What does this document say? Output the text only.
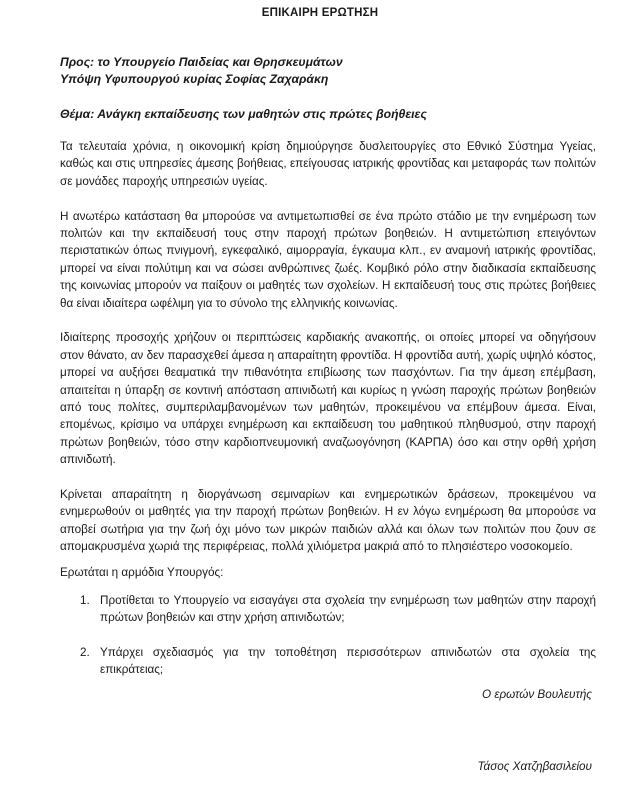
ΕΠΙΚΑΙΡΗ ΕΡΩΤΗΣΗ
Προς: το Υπουργείο Παιδείας και Θρησκευμάτων
Υπόψη Υφυπουργού κυρίας Σοφίας Ζαχαράκη
Θέμα: Ανάγκη εκπαίδευσης των μαθητών στις πρώτες βοήθειες

Τα τελευταία χρόνια, η οικονομική κρίση δημιούργησε δυσλειτουργίες στο Εθνικό Σύστημα Υγείας, καθώς και στις υπηρεσίες άμεσης βοήθειας, επείγουσας ιατρικής φροντίδας και μεταφοράς των πολιτών σε μονάδες παροχής υπηρεσιών υγείας.

Η ανωτέρω κατάσταση θα μπορούσε να αντιμετωπισθεί σε ένα πρώτο στάδιο με την ενημέρωση των πολιτών και την εκπαίδευσή τους στην παροχή πρώτων βοηθειών. Η αντιμετώπιση επειγόντων περιστατικών όπως πνιγμονή, εγκεφαλικό, αιμορραγία, έγκαυμα κλπ., εν αναμονή ιατρικής φροντίδας, μπορεί να είναι πολύτιμη και να σώσει ανθρώπινες ζωές. Κομβικό ρόλο στην διαδικασία εκπαίδευσης της κοινωνίας μπορούν να παίξουν οι μαθητές των σχολείων. Η εκπαίδευσή τους στις πρώτες βοήθειες θα είναι ιδιαίτερα ωφέλιμη για το σύνολο της ελληνικής κοινωνίας.

Ιδιαίτερης προσοχής χρήζουν οι περιπτώσεις καρδιακής ανακοπής, οι οποίες μπορεί να οδηγήσουν στον θάνατο, αν δεν παρασχεθεί άμεσα η απαραίτητη φροντίδα. Η φροντίδα αυτή, χωρίς υψηλό κόστος, μπορεί να αυξήσει θεαματικά την πιθανότητα επιβίωσης των πασχόντων. Για την άμεση επέμβαση, απαιτείται η ύπαρξη σε κοντινή απόσταση απινιδωτή και κυρίως η γνώση παροχής πρώτων βοηθειών από τους πολίτες, συμπεριλαμβανομένων των μαθητών, προκειμένου να επέμβουν άμεσα. Είναι, επομένως, κρίσιμο να υπάρχει ενημέρωση και εκπαίδευση του μαθητικού πληθυσμού, στην παροχή πρώτων βοηθειών, τόσο στην καρδιοπνευμονική αναζωογόνηση (ΚΑΡΠΑ) όσο και στην ορθή χρήση απινιδωτή.

Κρίνεται απαραίτητη η διοργάνωση σεμιναρίων και ενημερωτικών δράσεων, προκειμένου να ενημερωθούν οι μαθητές για την παροχή πρώτων βοηθειών. Η εν λόγω ενημέρωση θα μπορούσε να αποβεί σωτήρια για την ζωή όχι μόνο των μικρών παιδιών αλλά και όλων των πολιτών που ζουν σε απομακρυσμένα χωριά της περιφέρειας, πολλά χιλιόμετρα μακριά από το πλησιέστερο νοσοκομείο.

Ερωτάται η αρμόδια Υπουργός:
1. Προτίθεται το Υπουργείο να εισαγάγει στα σχολεία την ενημέρωση των μαθητών στην παροχή πρώτων βοηθειών και στην χρήση απινιδωτών;
2. Υπάρχει σχεδιασμός για την τοποθέτηση περισσότερων απινιδωτών στα σχολεία της επικράτειας;
Ο ερωτών Βουλευτής
Τάσος Χατζηβασιλείου
